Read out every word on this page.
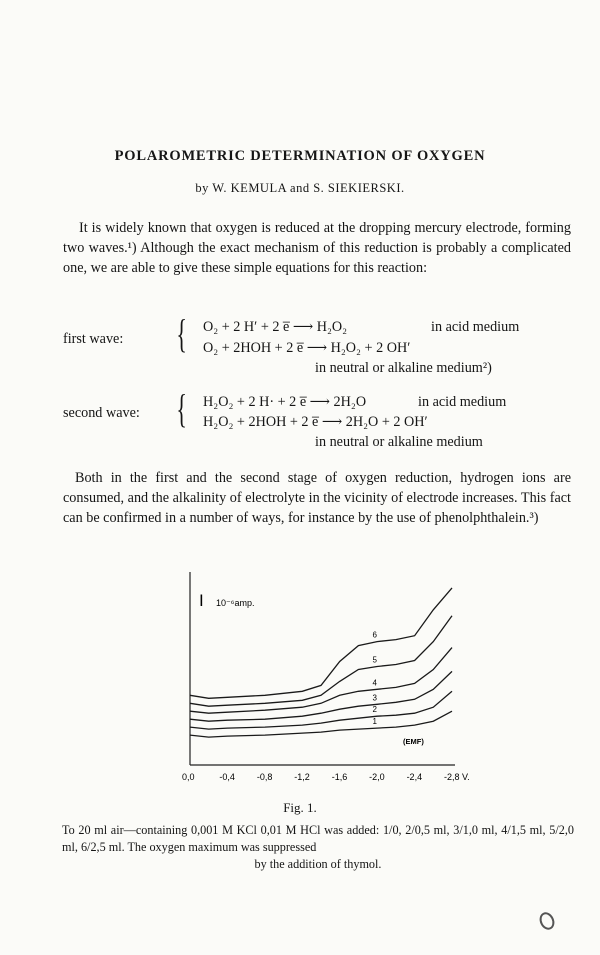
POLAROMETRIC DETERMINATION OF OXYGEN
by W. KEMULA and S. SIEKIERSKI.
It is widely known that oxygen is reduced at the dropping mercury electrode, forming two waves.¹) Although the exact mechanism of this reduction is probably a complicated one, we are able to give these simple equations for this reaction:
first wave: { O₂ + 2 H′ + 2 e̅ ⟶ H₂O₂	in acid medium
O₂ + 2HOH + 2 e̅ ⟶ H₂O₂ + 2 OH′
in neutral or alkaline medium²)
second wave: { H₂O₂ + 2 H· + 2 e̅ ⟶ 2H₂O	in acid medium
H₂O₂ + 2HOH + 2 e̅ ⟶ 2H₂O + 2 OH′
in neutral or alkaline medium
Both in the first and the second stage of oxygen reduction, hydrogen ions are consumed, and the alkalinity of electrolyte in the vicinity of electrode increases. This fact can be confirmed in a number of ways, for instance by the use of phenolphthalein.³)
I 10⁻⁶amp.
(EMF)
1
2
3
4
5
6
0,0	-0,4 -0,8 -1,2 -1,6 -2,0 -2,4 -2,8 V.
Fig. 1.
To 20 ml air—containing 0,001 M KCl 0,01 M HCl was added: 1/0, 2/0,5 ml, 3/1,0 ml, 4/1,5 ml, 5/2,0 ml, 6/2,5 ml. The oxygen maximum was suppressed
by the addition of thymol.
